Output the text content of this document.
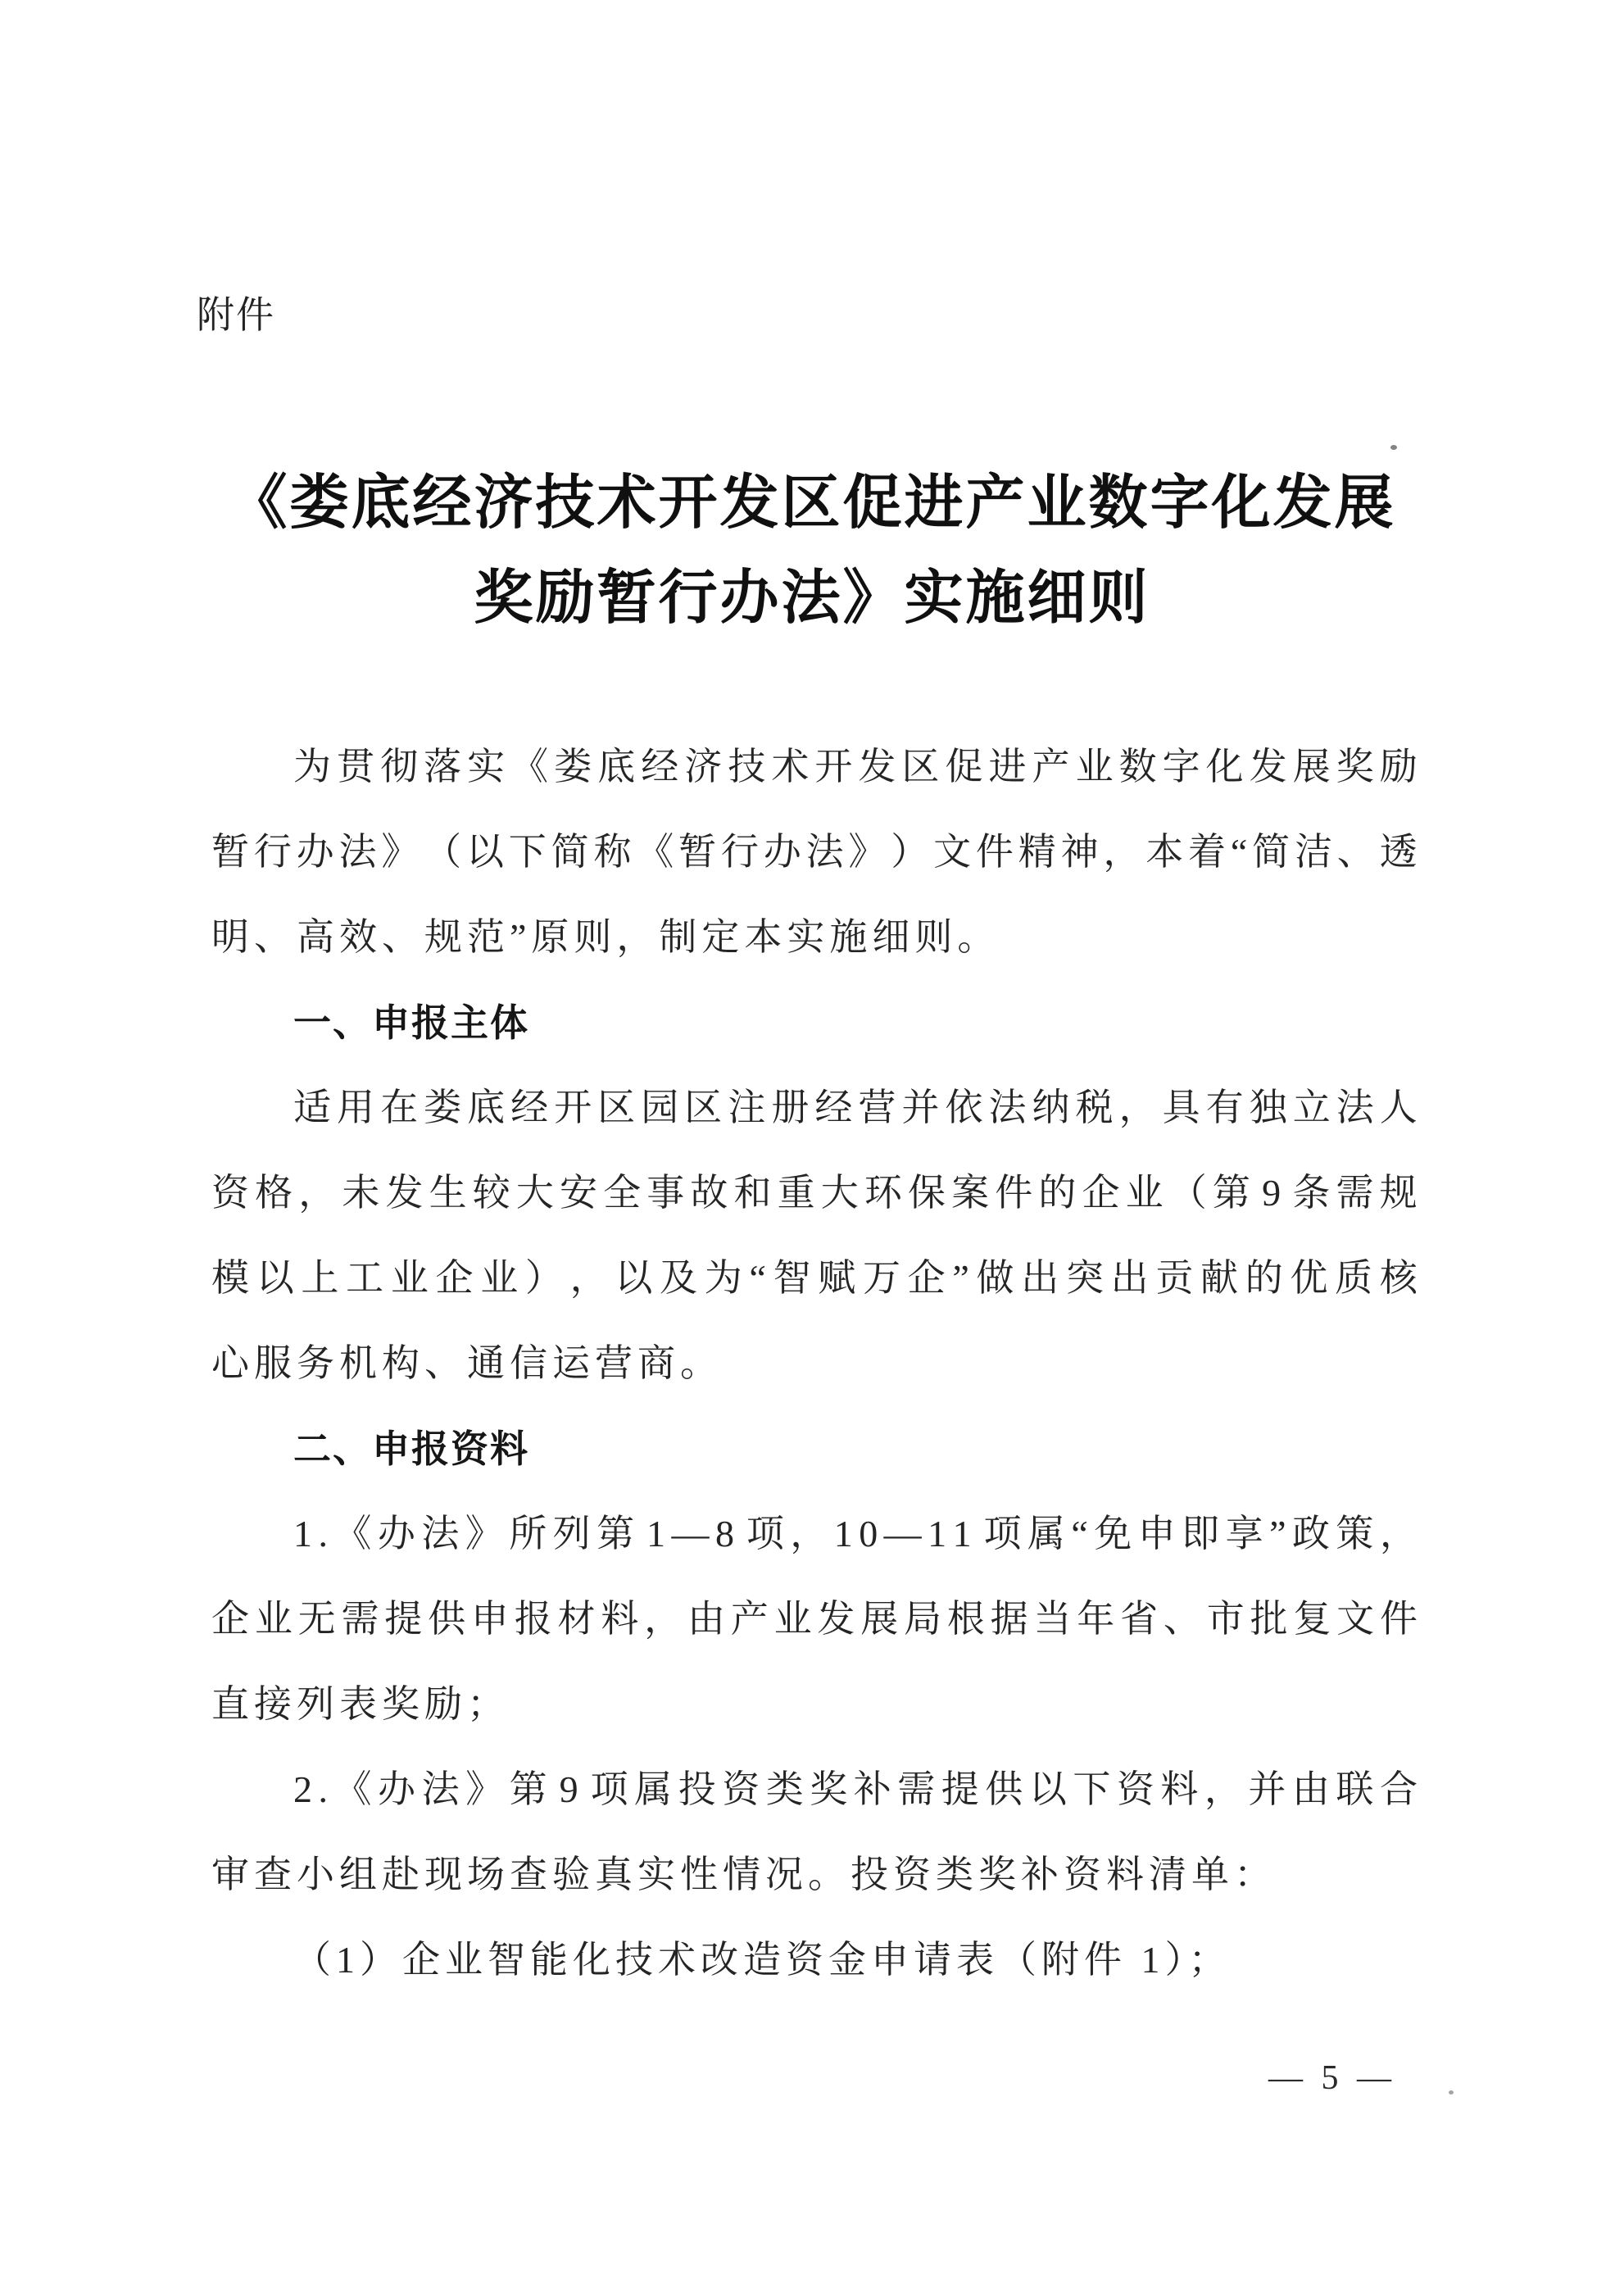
附件
《娄底经济技术开发区促进产业数字化发展
奖励暂行办法》实施细则
为 贯 彻 落 实 《 娄 底 经 济 技 术 开 发 区 促 进 产 业 数 字 化 发 展 奖 励
暂 行 办 法 》 （ 以 下 简 称 《 暂 行 办 法 》 ） 文 件 精 神 ， 本 着 “ 简 洁 、 透
明、高效、规范”原则，制定本实施细则。
一、申报主体
适 用 在 娄 底 经 开 区 园 区 注 册 经 营 并 依 法 纳 税 ， 具 有 独 立 法 人
资 格 ， 未 发 生 较 大 安 全 事 故 和 重 大 环 保 案 件 的 企 业 （ 第 9 条 需 规
模 以 上 工 业 企 业 ） ， 以 及 为 “ 智 赋 万 企 ” 做 出 突 出 贡 献 的 优 质 核
心服务机构、通信运营商。
二、申报资料
1 . 《 办 法 》 所 列 第 1 — 8 项 ， 1 0 — 1 1 项 属 “ 免 申 即 享 ” 政 策 ，
企 业 无 需 提 供 申 报 材 料 ， 由 产 业 发 展 局 根 据 当 年 省 、 市 批 复 文 件
直接列表奖励；
2 . 《 办 法 》 第 9 项 属 投 资 类 奖 补 需 提 供 以 下 资 料 ， 并 由 联 合
审查小组赴现场查验真实性情况。投资类奖补资料清单：
（1）企业智能化技术改造资金申请表（附件 1）；
— 5 —
